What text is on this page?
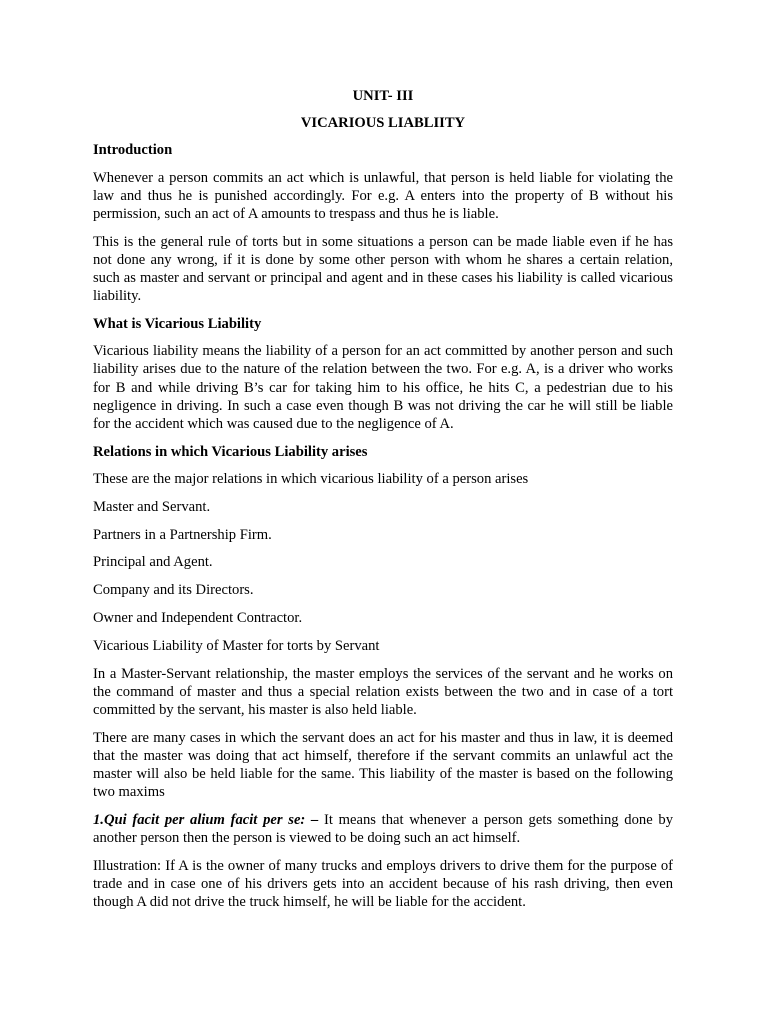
UNIT- III
VICARIOUS LIABLIITY
Introduction

Whenever a person commits an act which is unlawful, that person is held liable for violating the law and thus he is punished accordingly. For e.g. A enters into the property of B without his permission, such an act of A amounts to trespass and thus he is liable.

This is the general rule of torts but in some situations a person can be made liable even if he has not done any wrong, if it is done by some other person with whom he shares a certain relation, such as master and servant or principal and agent and in these cases his liability is called vicarious liability.

What is Vicarious Liability

Vicarious liability means the liability of a person for an act committed by another person and such liability arises due to the nature of the relation between the two. For e.g. A, is a driver who works for B and while driving B’s car for taking him to his office, he hits C, a pedestrian due to his negligence in driving. In such a case even though B was not driving the car he will still be liable for the accident which was caused due to the negligence of A.

Relations in which Vicarious Liability arises

These are the major relations in which vicarious liability of a person arises

Master and Servant.

Partners in a Partnership Firm.

Principal and Agent.

Company and its Directors.

Owner and Independent Contractor.

Vicarious Liability of Master for torts by Servant

In a Master-Servant relationship, the master employs the services of the servant and he works on the command of master and thus a special relation exists between the two and in case of a tort committed by the servant, his master is also held liable.

There are many cases in which the servant does an act for his master and thus in law, it is deemed that the master was doing that act himself, therefore if the servant commits an unlawful act the master will also be held liable for the same. This liability of the master is based on the following two maxims

1.Qui facit per alium facit per se: – It means that whenever a person gets something done by another person then the person is viewed to be doing such an act himself.

Illustration: If A is the owner of many trucks and employs drivers to drive them for the purpose of trade and in case one of his drivers gets into an accident because of his rash driving, then even though A did not drive the truck himself, he will be liable for the accident.
